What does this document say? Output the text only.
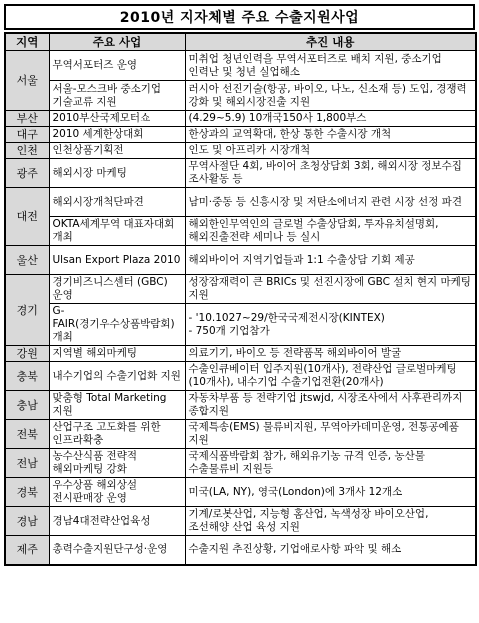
2010년 지자체별 주요 수출지원사업
지역	주요 사업	추진 내용
서울	무역서포터즈 운영	미취업 청년인력을 무역서포터즈로 배치 지원, 중소기업 인력난 및 청년 실업해소
	서울-모스크바 중소기업 기술교류 지원	러시아 선진기술(항공, 바이오, 나노, 신소재 등) 도입, 경쟁력 강화 및 해외시장진출 지원
부산	2010부산국제모터쇼	(4.29~5.9) 10개국150사 1,800부스
대구	2010 세계한상대회	한상과의 교역확대, 한상 통한 수출시장 개척
인천	인천상품기획전	인도 및 아프리카 시장개척
광주	해외시장 마케팅	무역사절단 4회, 바이어 초청상담회 3회, 해외시장 정보수집 조사활동 등
대전	해외시장개척단파견	남미·중동 등 신흥시장 및 저탄소에너지 관련 시장 선정 파견
	OKTA세계무역 대표자대회 개최	해외한인무역인의 글로벌 수출상담회, 투자유치설명회, 해외진출전략 세미나 등 실시
울산	Ulsan Export Plaza 2010	해외바이어 지역기업들과 1:1 수출상담 기회 제공
경기	경기비즈니스센터 (GBC)운영	성장잠재력이 큰 BRICs 및 선진시장에 GBC 설치 현지 마케팅 지원
	G-FAIR(경기우수상품박람회) 개최	- '10.1027~29/한국국제전시장(KINTEX)
- 750개 기업참가
강원	지역별 해외마케팅	의료기기, 바이오 등 전략품목 해외바이어 발굴
충북	내수기업의 수출기업화 지원	수출인큐베이터 입주지원(10개사), 전략산업 글로벌마케팅(10개사), 내수기업 수출기업전환(20개사)
충남	맞춤형 Total Marketing 지원	자동차부품 등 전략기업 jtswjd, 시장조사에서 사후관리까지 종합지원
전북	산업구조 고도화를 위한 인프라확충	국제특송(EMS) 물류비지원, 무역아카데미운영, 전통공예품 지원
전남	농수산식품 전략적 해외마케팅 강화	국제식품박람회 참가, 해외유기농 규격 인증, 농산물 수출물류비 지원등
경북	우수상품 해외상설 전시판매장 운영	미국(LA, NY), 영국(London)에 3개사 12개소
경남	경남4대전략산업육성	기계/로봇산업, 지능형 홈산업, 녹색성장 바이오산업, 조선해양 산업 육성 지원
제주	총력수출지원단구성·운영	수출지원 추진상황, 기업애로사항 파악 및 해소
